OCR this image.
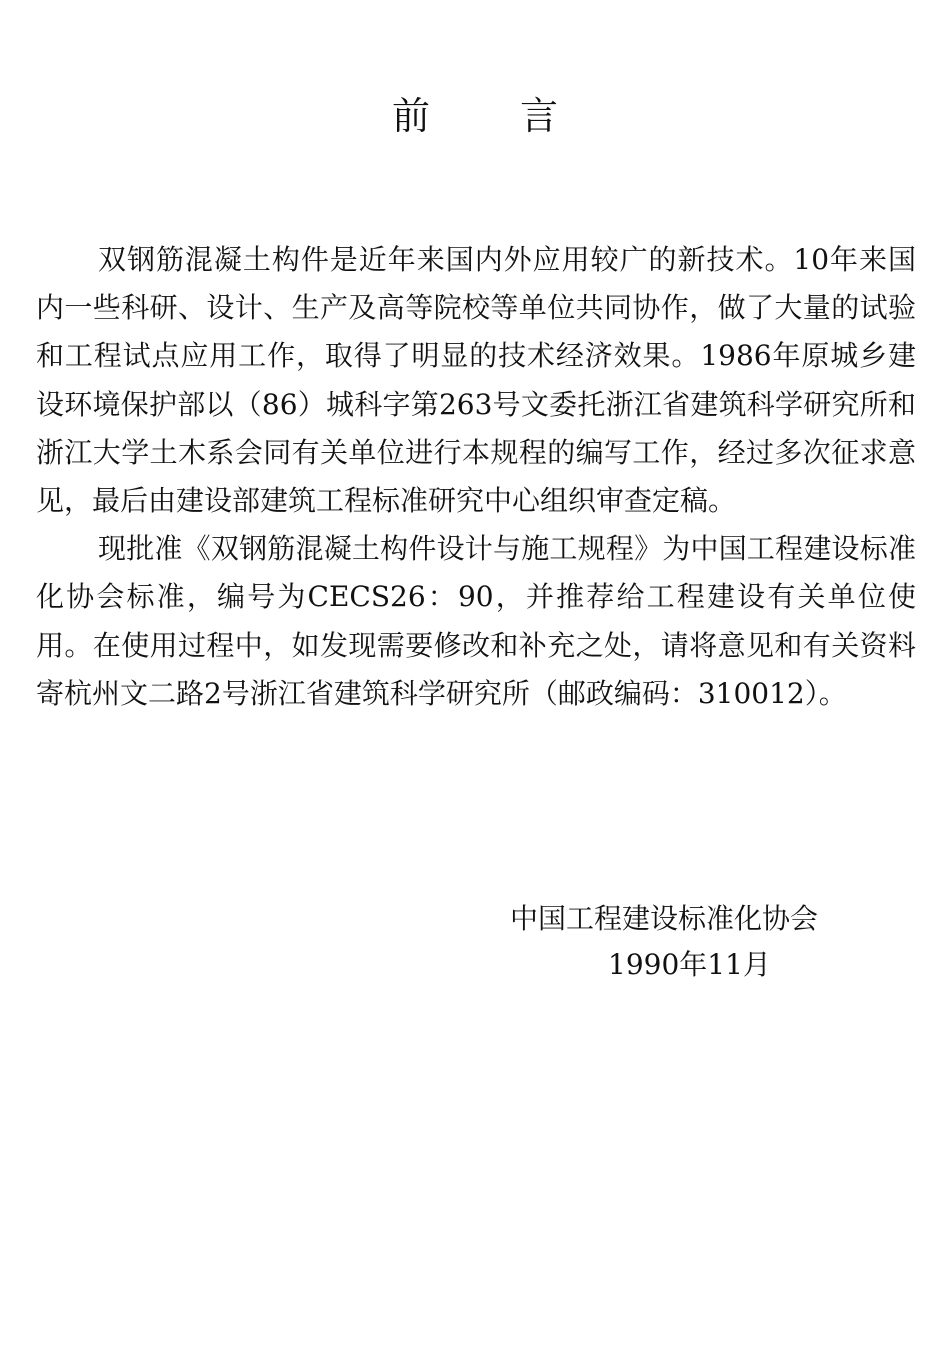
前 言

双钢筋混凝土构件是近年来国内外应用较广的新技术。10年来国内一些科研、设计、生产及高等院校等单位共同协作，做了大量的试验和工程试点应用工作，取得了明显的技术经济效果。1986年原城乡建设环境保护部以（86）城科字第263号文委托浙江省建筑科学研究所和浙江大学土木系会同有关单位进行本规程的编写工作，经过多次征求意见，最后由建设部建筑工程标准研究中心组织审查定稿。

现批准《双钢筋混凝土构件设计与施工规程》为中国工程建设标准化协会标准，编号为CECS26：90，并推荐给工程建设有关单位使用。在使用过程中，如发现需要修改和补充之处，请将意见和有关资料寄杭州文二路2号浙江省建筑科学研究所（邮政编码：310012）。

中国工程建设标准化协会
1990年11月
